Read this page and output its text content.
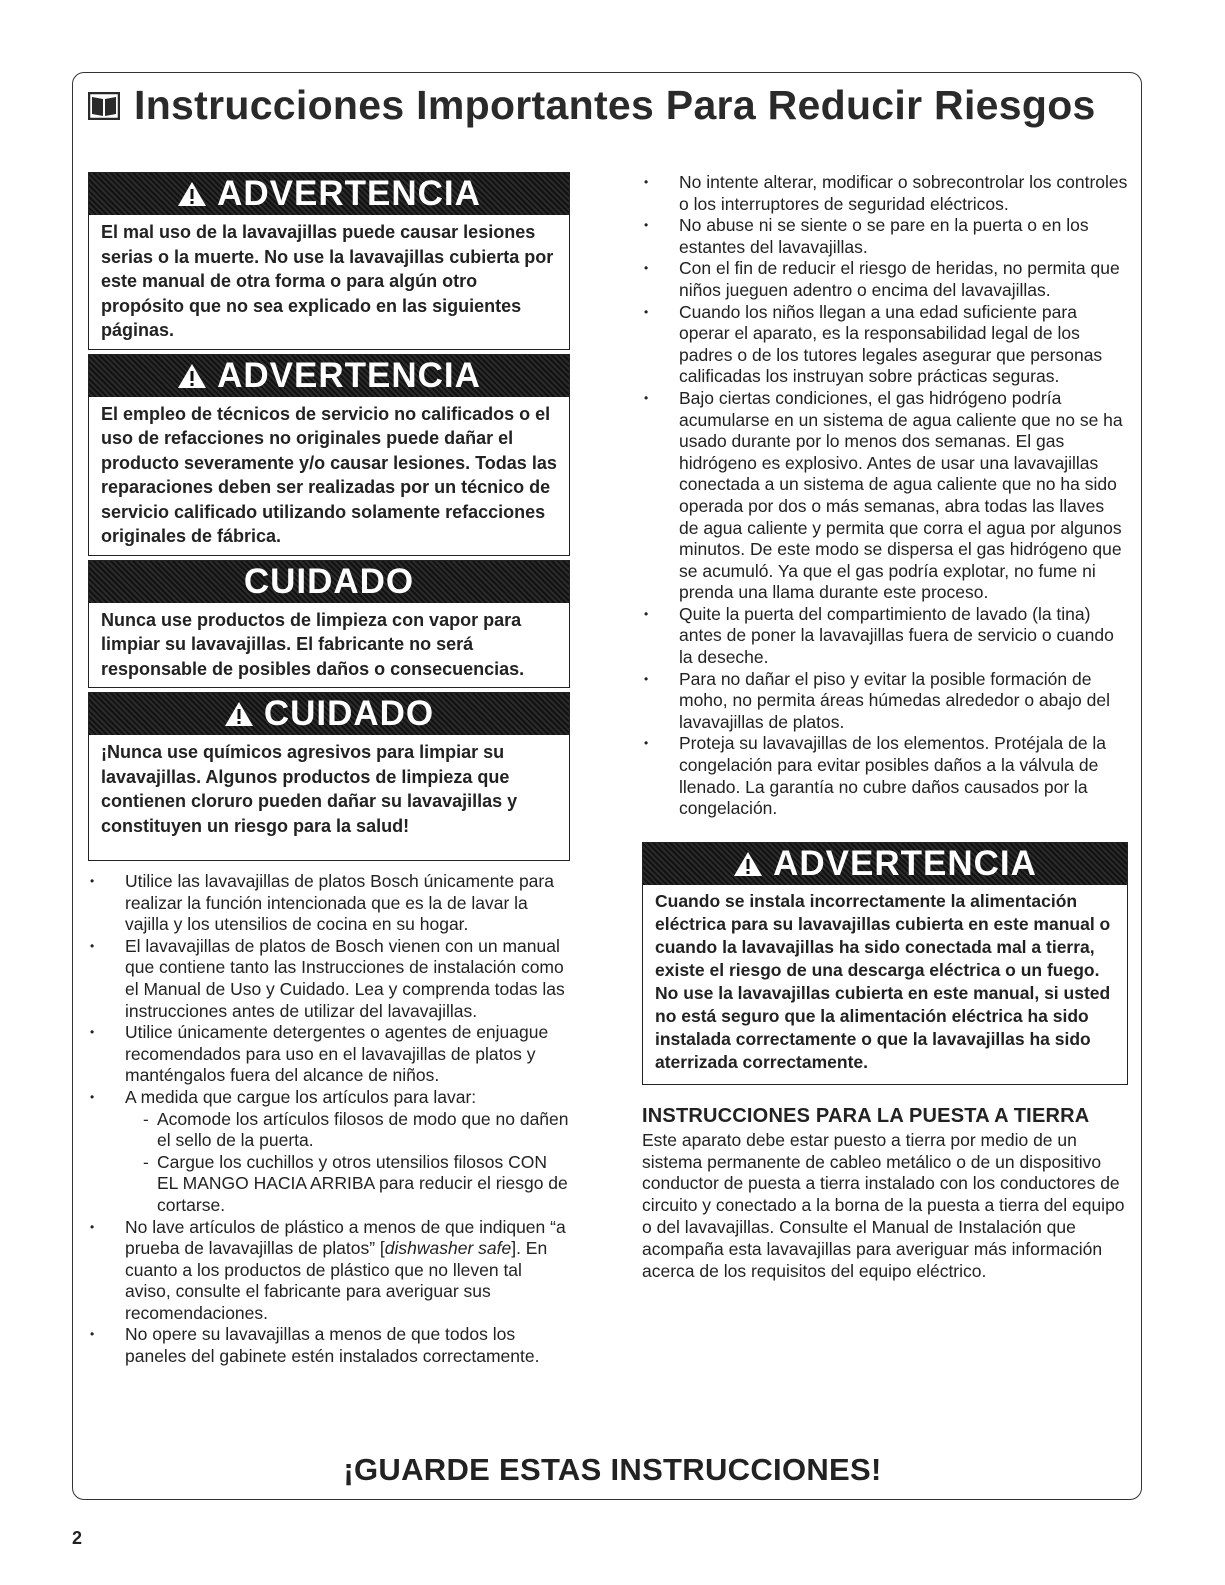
Instrucciones Importantes Para Reducir Riesgos
ADVERTENCIA
El mal uso de la lavavajillas puede causar lesiones serias o la muerte. No use la lavavajillas cubierta por este manual de otra forma o para algún otro propósito que no sea explicado en las siguientes páginas.
ADVERTENCIA
El empleo de técnicos de servicio no calificados o el uso de refacciones no originales puede dañar el producto severamente y/o causar lesiones. Todas las reparaciones deben ser realizadas por un técnico de servicio calificado utilizando solamente refacciones originales de fábrica.
CUIDADO
Nunca use productos de limpieza con vapor para limpiar su lavavajillas. El fabricante no será responsable de posibles daños o consecuencias.
CUIDADO
¡Nunca use químicos agresivos para limpiar su lavavajillas. Algunos productos de limpieza que contienen cloruro pueden dañar su lavavajillas y constituyen un riesgo para la salud!
• Utilice las lavavajillas de platos Bosch únicamente para realizar la función intencionada que es la de lavar la vajilla y los utensilios de cocina en su hogar.
• El lavavajillas de platos de Bosch vienen con un manual que contiene tanto las Instrucciones de instalación como el Manual de Uso y Cuidado. Lea y comprenda todas las instrucciones antes de utilizar del lavavajillas.
• Utilice únicamente detergentes o agentes de enjuague recomendados para uso en el lavavajillas de platos y manténgalos fuera del alcance de niños.
• A medida que cargue los artículos para lavar:
- Acomode los artículos filosos de modo que no dañen el sello de la puerta.
- Cargue los cuchillos y otros utensilios filosos CON EL MANGO HACIA ARRIBA para reducir el riesgo de cortarse.
• No lave artículos de plástico a menos de que indiquen “a prueba de lavavajillas de platos” [dishwasher safe]. En cuanto a los productos de plástico que no lleven tal aviso, consulte el fabricante para averiguar sus recomendaciones.
• No opere su lavavajillas a menos de que todos los paneles del gabinete estén instalados correctamente.
• No intente alterar, modificar o sobrecontrolar los controles o los interruptores de seguridad eléctricos.
• No abuse ni se siente o se pare en la puerta o en los estantes del lavavajillas.
• Con el fin de reducir el riesgo de heridas, no permita que niños jueguen adentro o encima del lavavajillas.
• Cuando los niños llegan a una edad suficiente para operar el aparato, es la responsabilidad legal de los padres o de los tutores legales asegurar que personas calificadas los instruyan sobre prácticas seguras.
• Bajo ciertas condiciones, el gas hidrógeno podría acumularse en un sistema de agua caliente que no se ha usado durante por lo menos dos semanas. El gas hidrógeno es explosivo. Antes de usar una lavavajillas conectada a un sistema de agua caliente que no ha sido operada por dos o más semanas, abra todas las llaves de agua caliente y permita que corra el agua por algunos minutos. De este modo se dispersa el gas hidrógeno que se acumuló. Ya que el gas podría explotar, no fume ni prenda una llama durante este proceso.
• Quite la puerta del compartimiento de lavado (la tina) antes de poner la lavavajillas fuera de servicio o cuando la deseche.
• Para no dañar el piso y evitar la posible formación de moho, no permita áreas húmedas alrededor o abajo del lavavajillas de platos.
• Proteja su lavavajillas de los elementos. Protéjala de la congelación para evitar posibles daños a la válvula de llenado. La garantía no cubre daños causados por la congelación.
ADVERTENCIA
Cuando se instala incorrectamente la alimentación eléctrica para su lavavajillas cubierta en este manual o cuando la lavavajillas ha sido conectada mal a tierra, existe el riesgo de una descarga eléctrica o un fuego. No use la lavavajillas cubierta en este manual, si usted no está seguro que la alimentación eléctrica ha sido instalada correctamente o que la lavavajillas ha sido aterrizada correctamente.
INSTRUCCIONES PARA LA PUESTA A TIERRA
Este aparato debe estar puesto a tierra por medio de un sistema permanente de cableo metálico o de un dispositivo conductor de puesta a tierra instalado con los conductores de circuito y conectado a la borna de la puesta a tierra del equipo o del lavavajillas. Consulte el Manual de Instalación que acompaña esta lavavajillas para averiguar más información acerca de los requisitos del equipo eléctrico.
¡GUARDE ESTAS INSTRUCCIONES!
2
